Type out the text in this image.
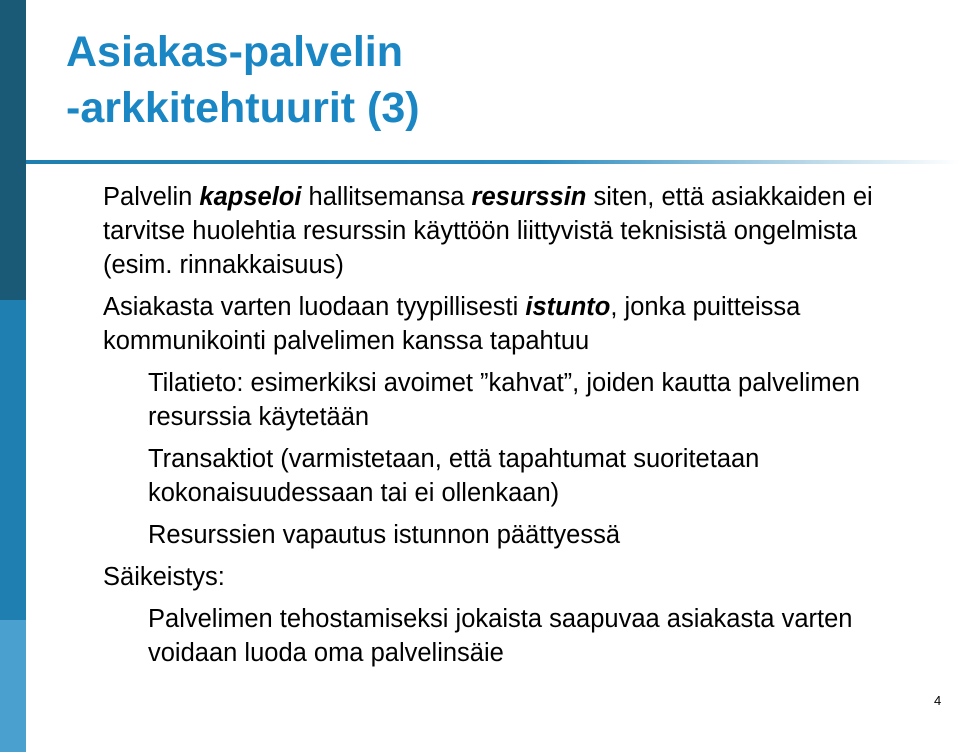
Asiakas-palvelin
-arkkitehtuurit (3)

Palvelin kapseloi hallitsemansa resurssin siten, että asiakkaiden ei tarvitse huolehtia resurssin käyttöön liittyvistä teknisistä ongelmista (esim. rinnakkaisuus)

Asiakasta varten luodaan tyypillisesti istunto, jonka puitteissa kommunikointi palvelimen kanssa tapahtuu

Tilatieto: esimerkiksi avoimet ”kahvat”, joiden kautta palvelimen resurssia käytetään

Transaktiot (varmistetaan, että tapahtumat suoritetaan kokonaisuudessaan tai ei ollenkaan)

Resurssien vapautus istunnon päättyessä

Säikeistys:

Palvelimen tehostamiseksi jokaista saapuvaa asiakasta varten voidaan luoda oma palvelinsäie

4
